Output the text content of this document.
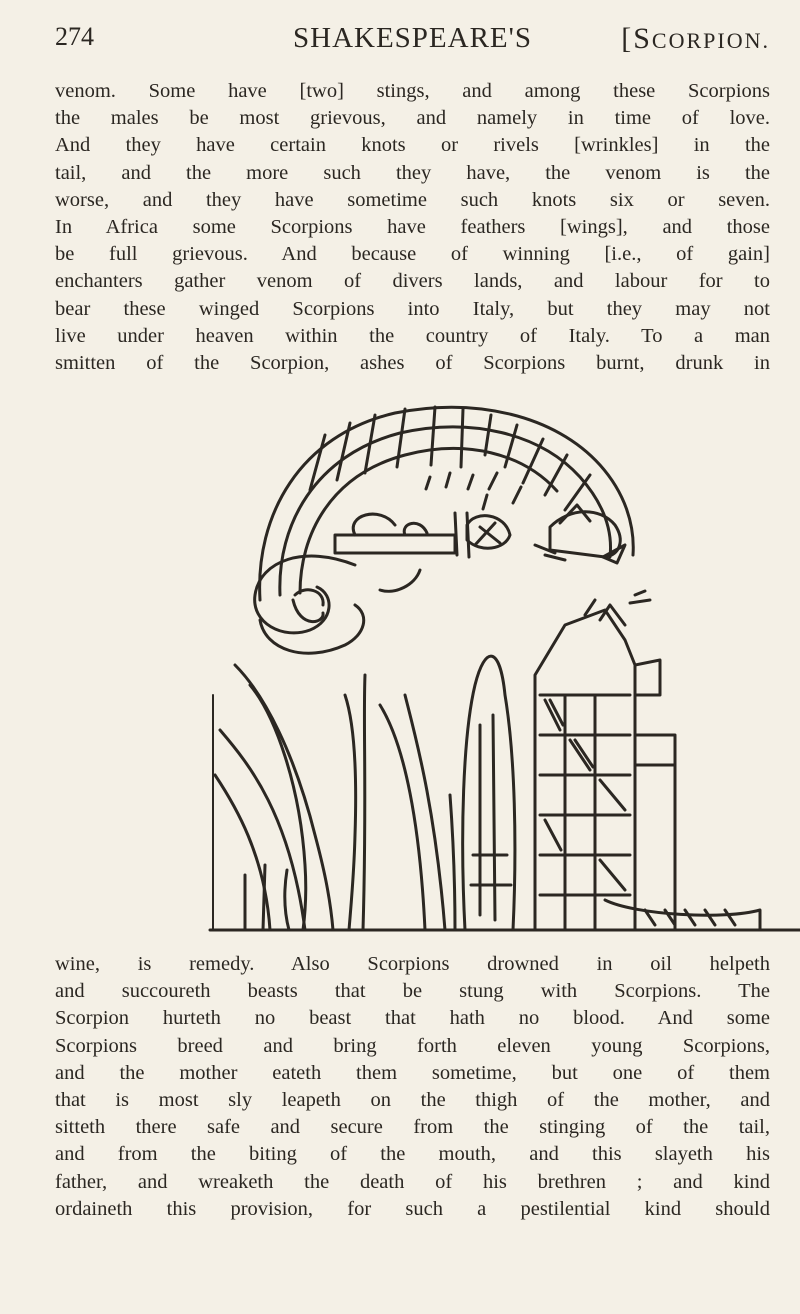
274	SHAKESPEARE'S	[SCORPION.
venom. Some have [two] stings, and among these Scorpions
the males be most grievous, and namely in time of love.
And they have certain knots or rivels [wrinkles] in the
tail, and the more such they have, the venom is the
worse, and they have sometime such knots six or seven.
In Africa some Scorpions have feathers [wings], and those
be full grievous. And because of winning [i.e., of gain]
enchanters gather venom of divers lands, and labour for to
bear these winged Scorpions into Italy, but they may not
live under heaven within the country of Italy. To a man
smitten of the Scorpion, ashes of Scorpions burnt, drunk in
wine, is remedy. Also Scorpions drowned in oil helpeth
and succoureth beasts that be stung with Scorpions. The
Scorpion hurteth no beast that hath no blood. And some
Scorpions breed and bring forth eleven young Scorpions,
and the mother eateth them sometime, but one of them
that is most sly leapeth on the thigh of the mother, and
sitteth there safe and secure from the stinging of the tail,
and from the biting of the mouth, and this slayeth his
father, and wreaketh the death of his brethren ; and kind
ordaineth this provision, for such a pestilential kind should
